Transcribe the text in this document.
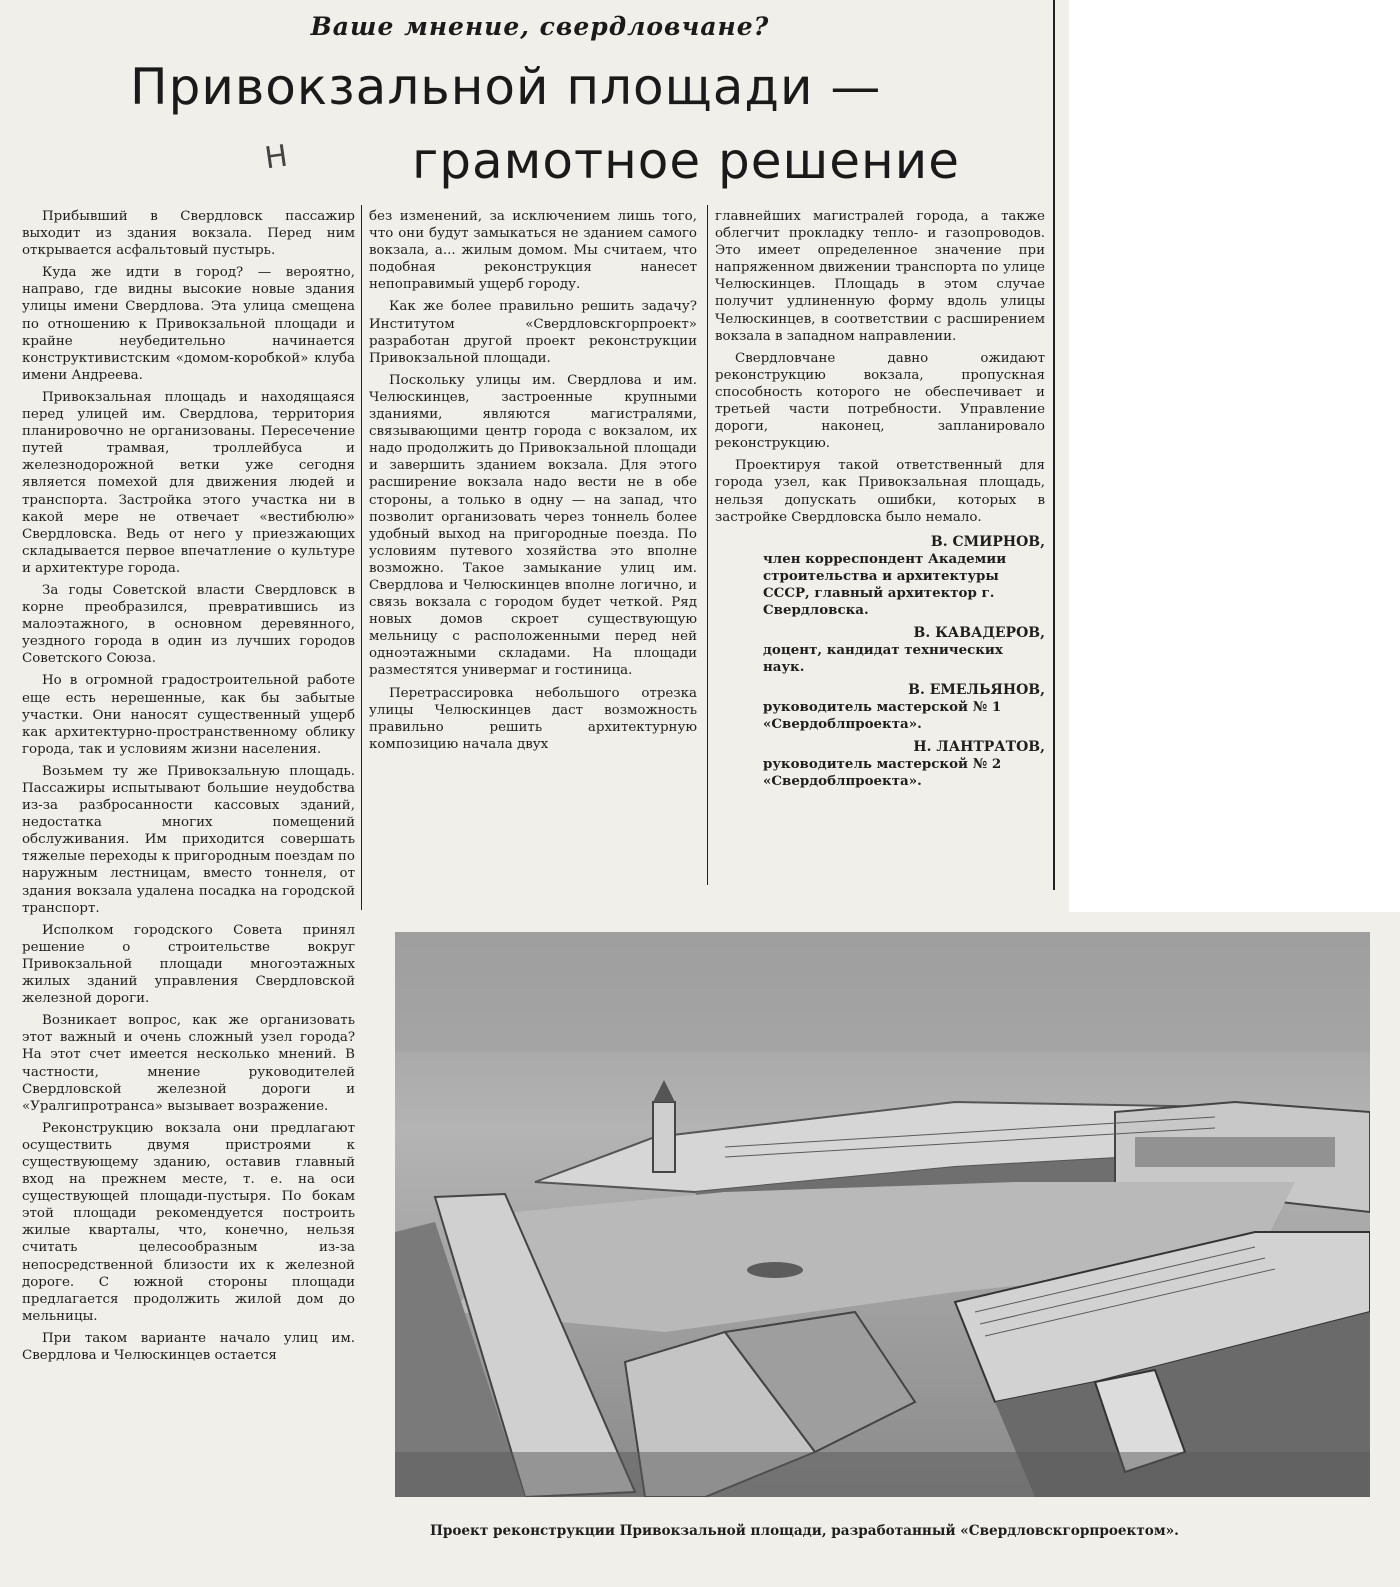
Ваше мнение, свердловчане?
Привокзальной площади —
Н грамотное решение

Прибывший в Свердловск пассажир выходит из здания вокзала. Перед ним открывается асфальтовый пустырь.

Куда же идти в город? — вероятно, направо, где видны высокие новые здания улицы имени Свердлова. Эта улица смещена по отношению к Привокзальной площади и крайне неубедительно начинается конструктивистским «домом-коробкой» клуба имени Андреева.

Привокзальная площадь и находящаяся перед улицей им. Свердлова, территория планировочно не организованы. Пересечение путей трамвая, троллейбуса и железнодорожной ветки уже сегодня является помехой для движения людей и транспорта. Застройка этого участка ни в какой мере не отвечает «вестибюлю» Свердловска. Ведь от него у приезжающих складывается первое впечатление о культуре и архитектуре города.

За годы Советской власти Свердловск в корне преобразился, превратившись из малоэтажного, в основном деревянного, уездного города в один из лучших городов Советского Союза.

Но в огромной градостроительной работе еще есть нерешенные, как бы забытые участки. Они наносят существенный ущерб как архитектурно-пространственному облику города, так и условиям жизни населения.

Возьмем ту же Привокзальную площадь. Пассажиры испытывают большие неудобства из-за разбросанности кассовых зданий, недостатка многих помещений обслуживания. Им приходится совершать тяжелые переходы к пригородным поездам по наружным лестницам, вместо тоннеля, от здания вокзала удалена посадка на городской транспорт.

Исполком городского Совета принял решение о строительстве вокруг Привокзальной площади многоэтажных жилых зданий управления Свердловской железной дороги.

Возникает вопрос, как же организовать этот важный и очень сложный узел города? На этот счет имеется несколько мнений. В частности, мнение руководителей Свердловской железной дороги и «Уралгипротранса» вызывает возражение.

Реконструкцию вокзала они предлагают осуществить двумя пристроями к существующему зданию, оставив главный вход на прежнем месте, т. е. на оси существующей площади-пустыря. По бокам этой площади рекомендуется построить жилые кварталы, что, конечно, нельзя считать целесообразным из-за непосредственной близости их к железной дороге. С южной стороны площади предлагается продолжить жилой дом до мельницы.

При таком варианте начало улиц им. Свердлова и Челюскинцев остается

без изменений, за исключением лишь того, что они будут замыкаться не зданием самого вокзала, а... жилым домом. Мы считаем, что подобная реконструкция нанесет непоправимый ущерб городу.

Как же более правильно решить задачу? Институтом «Свердловскгорпроект» разработан другой проект реконструкции Привокзальной площади.

Поскольку улицы им. Свердлова и им. Челюскинцев, застроенные крупными зданиями, являются магистралями, связывающими центр города с вокзалом, их надо продолжить до Привокзальной площади и завершить зданием вокзала. Для этого расширение вокзала надо вести не в обе стороны, а только в одну — на запад, что позволит организовать через тоннель более удобный выход на пригородные поезда. По условиям путевого хозяйства это вполне возможно. Такое замыкание улиц им. Свердлова и Челюскинцев вполне логично, и связь вокзала с городом будет четкой. Ряд новых домов скроет существующую мельницу с расположенными перед ней одноэтажными складами. На площади разместятся универмаг и гостиница.

Перетрассировка небольшого отрезка улицы Челюскинцев даст возможность правильно решить архитектурную композицию начала двух

главнейших магистралей города, а также облегчит прокладку тепло- и газопроводов. Это имеет определенное значение при напряженном движении транспорта по улице Челюскинцев. Площадь в этом случае получит удлиненную форму вдоль улицы Челюскинцев, в соответствии с расширением вокзала в западном направлении.

Свердловчане давно ожидают реконструкцию вокзала, пропускная способность которого не обеспечивает и третьей части потребности. Управление дороги, наконец, запланировало реконструкцию.

Проектируя такой ответственный для города узел, как Привокзальная площадь, нельзя допускать ошибки, которых в застройке Свердловска было немало.

В. СМИРНОВ,
член корреспондент Академии строительства и архитектуры СССР, главный архитектор г. Свердловска.
В. КАВАДЕРОВ,
доцент, кандидат технических наук.
В. ЕМЕЛЬЯНОВ,
руководитель мастерской № 1 «Свердоблпроекта».
Н. ЛАНТРАТОВ,
руководитель мастерской № 2 «Свердоблпроекта».
Проект реконструкции Привокзальной площади, разработанный «Свердловскгорпроектом».
